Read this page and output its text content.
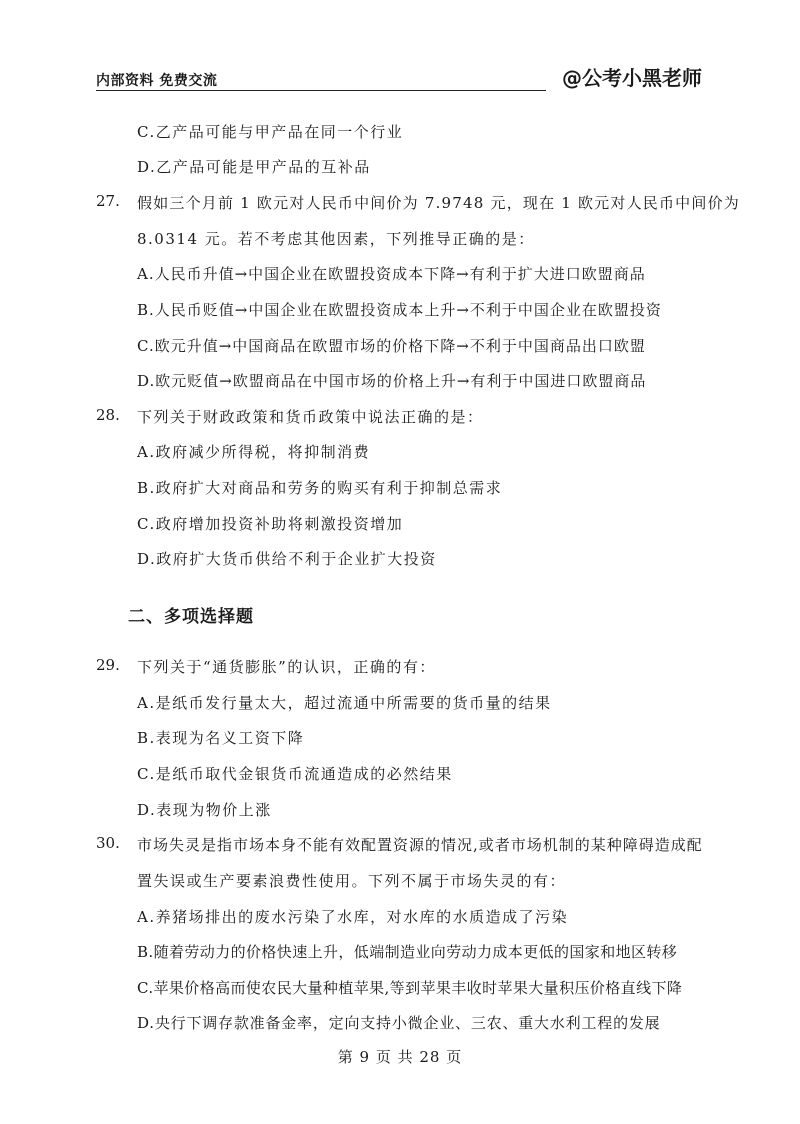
内部资料 免费交流	@公考小黑老师
C.乙产品可能与甲产品在同一个行业
D.乙产品可能是甲产品的互补品
27. 假如三个月前 1 欧元对人民币中间价为 7.9748 元，现在 1 欧元对人民币中间价为
8.0314 元。若不考虑其他因素，下列推导正确的是：
A.人民币升值→中国企业在欧盟投资成本下降→有利于扩大进口欧盟商品
B.人民币贬值→中国企业在欧盟投资成本上升→不利于中国企业在欧盟投资
C.欧元升值→中国商品在欧盟市场的价格下降→不利于中国商品出口欧盟
D.欧元贬值→欧盟商品在中国市场的价格上升→有利于中国进口欧盟商品
28. 下列关于财政政策和货币政策中说法正确的是：
A.政府减少所得税，将抑制消费
B.政府扩大对商品和劳务的购买有利于抑制总需求
C.政府增加投资补助将刺激投资增加
D.政府扩大货币供给不利于企业扩大投资
二、多项选择题
29. 下列关于“通货膨胀”的认识，正确的有：
A.是纸币发行量太大，超过流通中所需要的货币量的结果
B.表现为名义工资下降
C.是纸币取代金银货币流通造成的必然结果
D.表现为物价上涨
30. 市场失灵是指市场本身不能有效配置资源的情况,或者市场机制的某种障碍造成配
置失误或生产要素浪费性使用。下列不属于市场失灵的有：
A.养猪场排出的废水污染了水库，对水库的水质造成了污染
B.随着劳动力的价格快速上升，低端制造业向劳动力成本更低的国家和地区转移
C.苹果价格高而使农民大量种植苹果,等到苹果丰收时苹果大量积压价格直线下降
D.央行下调存款准备金率，定向支持小微企业、三农、重大水利工程的发展
第 9 页 共 28 页
